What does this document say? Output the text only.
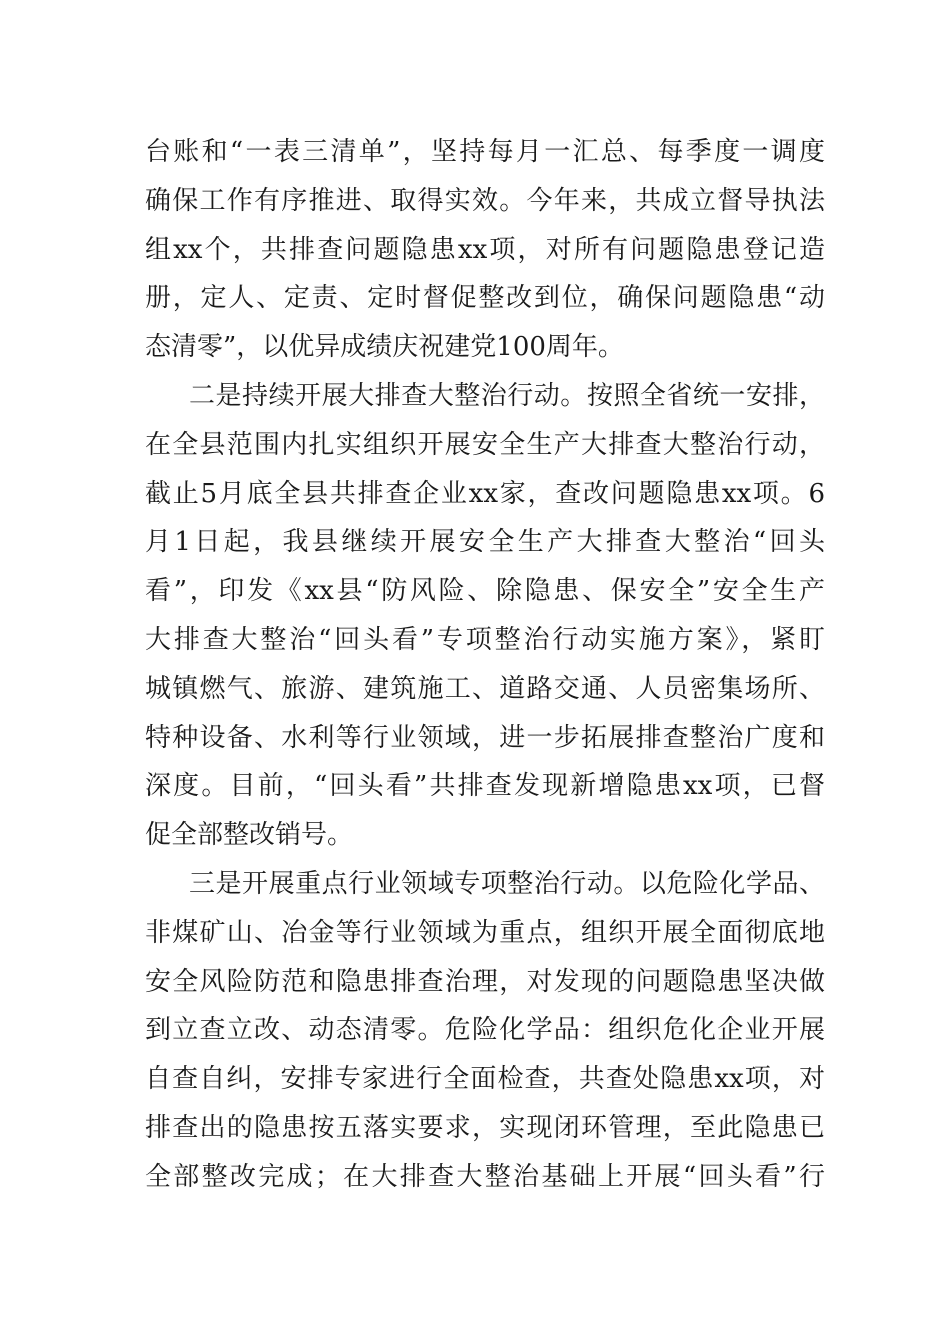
台账和“一表三清单”，坚持每月一汇总、每季度一调度
确保工作有序推进、取得实效。今年来，共成立督导执法
组xx个，共排查问题隐患xx项，对所有问题隐患登记造
册，定人、定责、定时督促整改到位，确保问题隐患“动
态清零”，以优异成绩庆祝建党100周年。
二是持续开展大排查大整治行动。按照全省统一安排，
在全县范围内扎实组织开展安全生产大排查大整治行动，
截止5月底全县共排查企业xx家，查改问题隐患xx项。6
月1日起，我县继续开展安全生产大排查大整治“回头
看”，印发《xx县“防风险、除隐患、保安全”安全生产
大排查大整治“回头看”专项整治行动实施方案》，紧盯
城镇燃气、旅游、建筑施工、道路交通、人员密集场所、
特种设备、水利等行业领域，进一步拓展排查整治广度和
深度。目前，“回头看”共排查发现新增隐患xx项，已督
促全部整改销号。
三是开展重点行业领域专项整治行动。以危险化学品、
非煤矿山、冶金等行业领域为重点，组织开展全面彻底地
安全风险防范和隐患排查治理，对发现的问题隐患坚决做
到立查立改、动态清零。危险化学品：组织危化企业开展
自查自纠，安排专家进行全面检查，共查处隐患xx项，对
排查出的隐患按五落实要求，实现闭环管理，至此隐患已
全部整改完成；在大排查大整治基础上开展“回头看”行
